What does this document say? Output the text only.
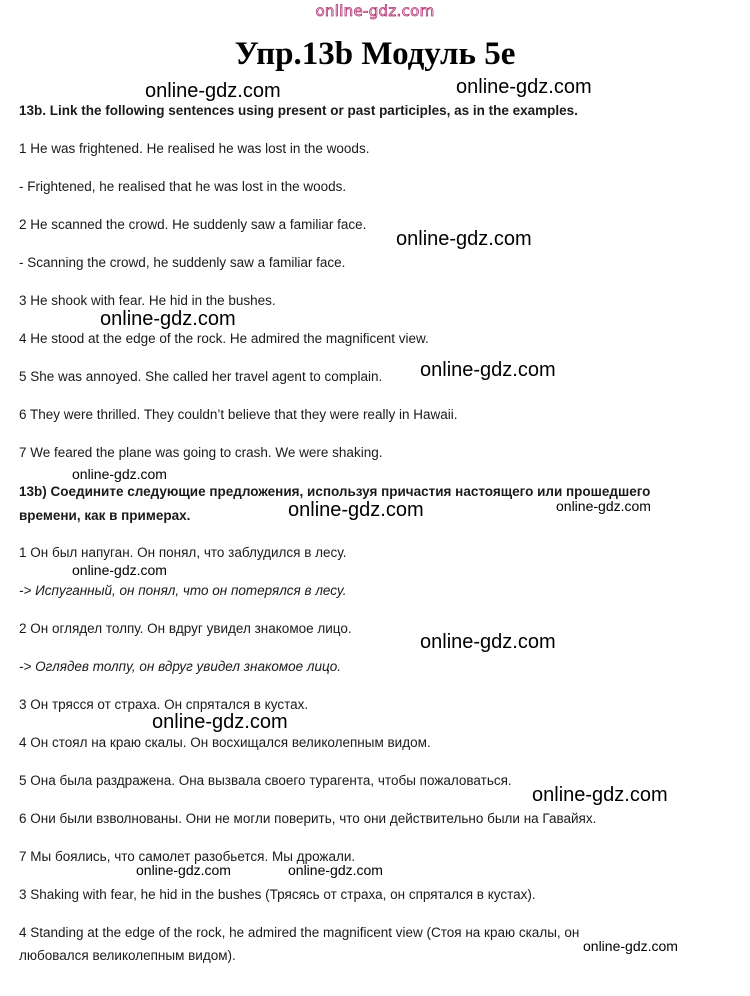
online-gdz.com
Упр.13b Модуль 5е
13b. Link the following sentences using present or past participles, as in the examples.
1 He was frightened. He realised he was lost in the woods.
- Frightened, he realised that he was lost in the woods.
2 He scanned the crowd. He suddenly saw a familiar face.
- Scanning the crowd, he suddenly saw a familiar face.
3 He shook with fear. He hid in the bushes.
4 He stood at the edge of the rock. He admired the magnificent view.
5 She was annoyed. She called her travel agent to complain.
6 They were thrilled. They couldn’t believe that they were really in Hawaii.
7 We feared the plane was going to crash. We were shaking.
13b) Соедините следующие предложения, используя причастия настоящего или прошедшего
времени, как в примерах.
1 Он был напуган. Он понял, что заблудился в лесу.
-> Испуганный, он понял, что он потерялся в лесу.
2 Он оглядел толпу. Он вдруг увидел знакомое лицо.
-> Оглядев толпу, он вдруг увидел знакомое лицо.
3 Он трясся от страха. Он спрятался в кустах.
4 Он стоял на краю скалы. Он восхищался великолепным видом.
5 Она была раздражена. Она вызвала своего турагента, чтобы пожаловаться.
6 Они были взволнованы. Они не могли поверить, что они действительно были на Гавайях.
7 Мы боялись, что самолет разобьется. Мы дрожали.
3 Shaking with fear, he hid in the bushes (Трясясь от страха, он спрятался в кустах).
4 Standing at the edge of the rock, he admired the magnificent view (Стоя на краю скалы, он
любовался великолепным видом).
online-gdz.com	online-gdz.com
online-gdz.com
online-gdz.com
online-gdz.com
online-gdz.com
online-gdz.com	online-gdz.com
online-gdz.com
online-gdz.com
online-gdz.com
online-gdz.com
online-gdz.com	online-gdz.com
online-gdz.com
